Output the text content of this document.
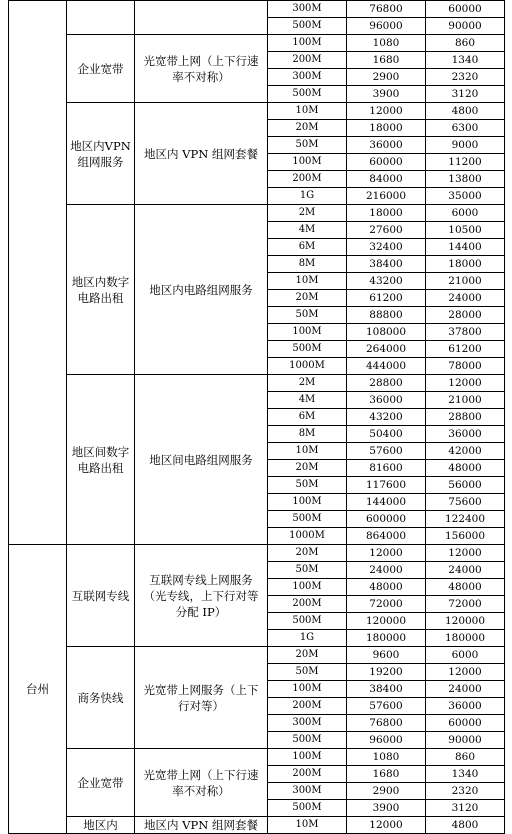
			300M	76800	60000
			500M	96000	90000
	企业宽带	光宽带上网（上下行速率不对称）	100M	1080	860
			200M	1680	1340
			300M	2900	2320
			500M	3900	3120
	地区内VPN组网服务	地区内 VPN 组网套餐	10M	12000	4800
			20M	18000	6300
			50M	36000	9000
			100M	60000	11200
			200M	84000	13800
			1G	216000	35000
	地区内数字电路出租	地区内电路组网服务	2M	18000	6000
			4M	27600	10500
			6M	32400	14400
			8M	38400	18000
			10M	43200	21000
			20M	61200	24000
			50M	88800	28000
			100M	108000	37800
			500M	264000	61200
			1000M	444000	78000
	地区间数字电路出租	地区间电路组网服务	2M	28800	12000
			4M	36000	21000
			6M	43200	28800
			8M	50400	36000
			10M	57600	42000
			20M	81600	48000
			50M	117600	56000
			100M	144000	75600
			500M	600000	122400
			1000M	864000	156000
台州	互联网专线	互联网专线上网服务（光专线，上下行对等分配 IP）	20M	12000	12000
			50M	24000	24000
			100M	48000	48000
			200M	72000	72000
			500M	120000	120000
			1G	180000	180000
	商务快线	光宽带上网服务（上下行对等）	20M	9600	6000
			50M	19200	12000
			100M	38400	24000
			200M	57600	36000
			300M	76800	60000
			500M	96000	90000
	企业宽带	光宽带上网（上下行速率不对称）	100M	1080	860
			200M	1680	1340
			300M	2900	2320
			500M	3900	3120
	地区内	地区内 VPN 组网套餐	10M	12000	4800
